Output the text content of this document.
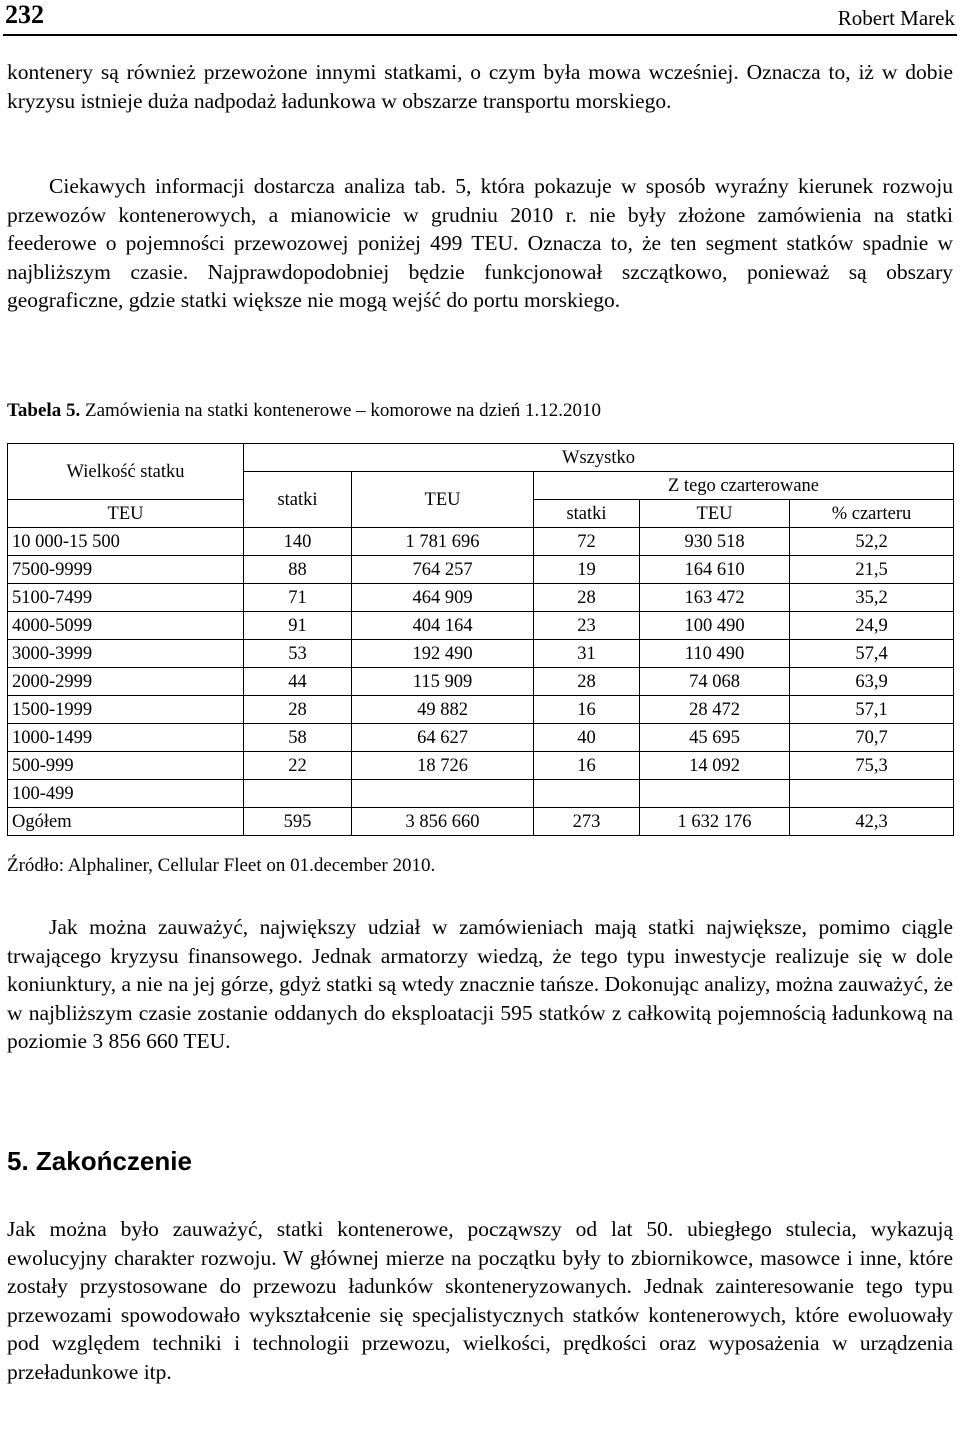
232	Robert Marek

kontenery są również przewożone innymi statkami, o czym była mowa wcześniej. Oznacza to, iż w dobie kryzysu istnieje duża nadpodaż ładunkowa w obszarze transportu morskiego.

Ciekawych informacji dostarcza analiza tab. 5, która pokazuje w sposób wyraźny kierunek rozwoju przewozów kontenerowych, a mianowicie w grudniu 2010 r. nie były złożone zamówienia na statki feederowe o pojemności przewozowej poniżej 499 TEU. Oznacza to, że ten segment statków spadnie w najbliższym czasie. Najprawdopodobniej będzie funkcjonował szczątkowo, ponieważ są obszary geograficzne, gdzie statki większe nie mogą wejść do portu morskiego.

Tabela 5. Zamówienia na statki kontenerowe – komorowe na dzień 1.12.2010
Wielkość statku	Wszystko				
	statki	TEU	Z tego czarterowane		
TEU			statki	TEU	% czarteru
10 000-15 500	140	1 781 696	72	930 518	52,2
7500-9999	88	764 257	19	164 610	21,5
5100-7499	71	464 909	28	163 472	35,2
4000-5099	91	404 164	23	100 490	24,9
3000-3999	53	192 490	31	110 490	57,4
2000-2999	44	115 909	28	74 068	63,9
1500-1999	28	49 882	16	28 472	57,1
1000-1499	58	64 627	40	45 695	70,7
500-999	22	18 726	16	14 092	75,3
100-499					
Ogółem	595	3 856 660	273	1 632 176	42,3
Źródło: Alphaliner, Cellular Fleet on 01.december 2010.

Jak można zauważyć, największy udział w zamówieniach mają statki największe, pomimo ciągle trwającego kryzysu finansowego. Jednak armatorzy wiedzą, że tego typu inwestycje realizuje się w dole koniunktury, a nie na jej górze, gdyż statki są wtedy znacznie tańsze. Dokonując analizy, można zauważyć, że w najbliższym czasie zostanie oddanych do eksploatacji 595 statków z całkowitą pojemnością ładunkową na poziomie 3 856 660 TEU.

5. Zakończenie

Jak można było zauważyć, statki kontenerowe, począwszy od lat 50. ubiegłego stulecia, wykazują ewolucyjny charakter rozwoju. W głównej mierze na początku były to zbiornikowce, masowce i inne, które zostały przystosowane do przewozu ładunków skonteneryzowanych. Jednak zainteresowanie tego typu przewozami spowodowało wykształcenie się specjalistycznych statków kontenerowych, które ewoluowały pod względem techniki i technologii przewozu, wielkości, prędkości oraz wyposażenia w urządzenia przeładunkowe itp.
